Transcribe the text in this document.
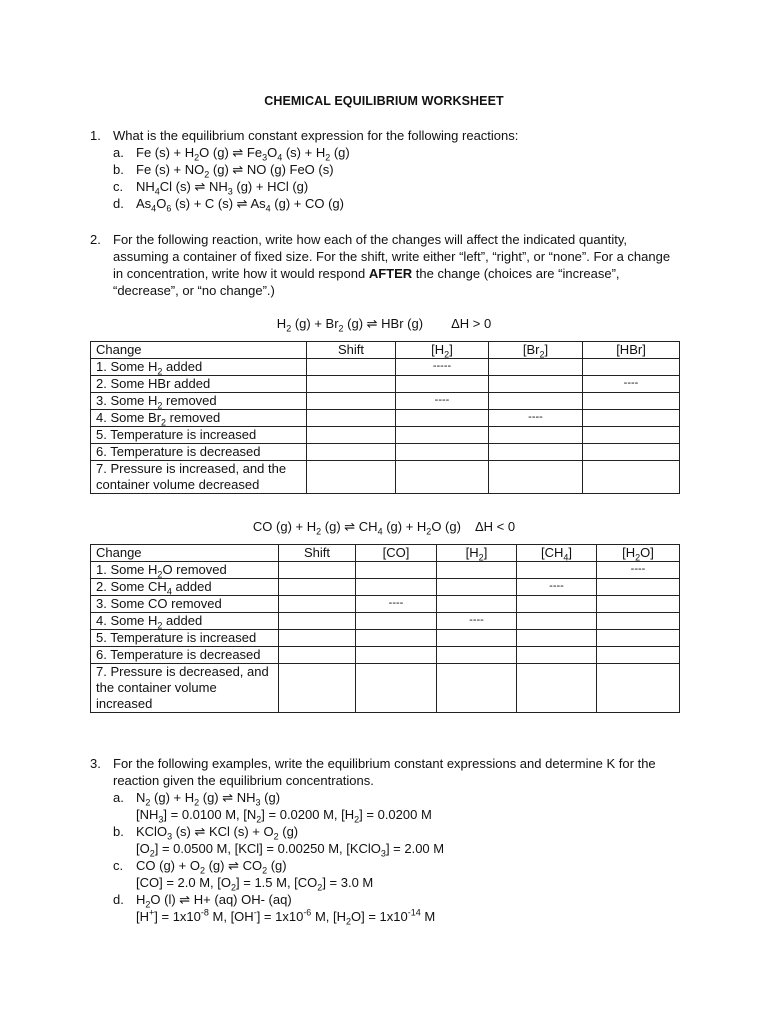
CHEMICAL EQUILIBRIUM WORKSHEET
1. What is the equilibrium constant expression for the following reactions:
a. Fe $(s) + H_2O$ (g) ⇌ $Fe_3O_4$ $(s) + H_2$ (g)
b. Fe $(s) + NO_2$ (g) ⇌ NO (g) FeO (s)
c. $NH_4Cl$ (s) ⇌ $NH_3$ (g) + HCl (g)
d. $As_4O_6$ (s) + C (s) ⇌ $As_4$ (g) + CO (g)
2. For the following reaction, write how each of the changes will affect the indicated quantity, assuming a container of fixed size. For the shift, write either “left”, “right”, or “none”. For a change in concentration, write how it would respond AFTER the change (choices are “increase”, “decrease”, or “no change”.)
$H_2$ $(g) + Br_2$ (g) ⇌ HBr (g) ΔH > 0
Change	Shift	$[H_2]$	$[Br_2]$	[HBr]
1. Some $H_2$ added		-----		

2. Some HBr added				----

3. Some $H_2$ removed		----		

4. Some $Br_2$ removed			----	

5. Temperature is increased				
6. Temperature is decreased				
7. Pressure is increased, and the container volume decreased				
CO $(g) + H_2$ (g) ⇌ $CH_4$ $(g) + H_2O$ (g) ΔH < 0
Change	Shift	[CO]	$[H_2]$	$[CH_4]$	$[H_2O]$
1. Some $H_2O$ removed					----

2. Some $CH_4$ added				----	

3. Some CO removed		----			

4. Some $H_2$ added			----		

5. Temperature is increased					
6. Temperature is decreased					
7. Pressure is decreased, and the container volume increased					
3. For the following examples, write the equilibrium constant expressions and determine K for the reaction given the equilibrium concentrations.
a. $N_2$ $(g) + H_2$ (g) ⇌ $NH_3$ (g)
$[NH_3] = 0.0100$ M, $[N_2] = 0.0200$ M, $[H_2] = 0.0200$ M
b. KClO$_3$ (s) ⇌ KCl $(s) + O_2$ (g)
$[O_2] = 0.0500$ M, [KCl] = 0.00250 M, [KClO$_3$] = 2.00 M
c. CO $(g) + O_2$ (g) ⇌ $CO_2$ (g)
[CO] = 2.0 M, $[O_2] = 1.5$ M, $[CO_2] = 3.0$ M
d. $H_2O$ (l) ⇌ H+ (aq) OH- (aq)
$[H^+] = 1x10^{-8}$ M, $[OH^-] = 1x10^{-6}$ M, $[H_2O] = 1x10^{-14}$ M
